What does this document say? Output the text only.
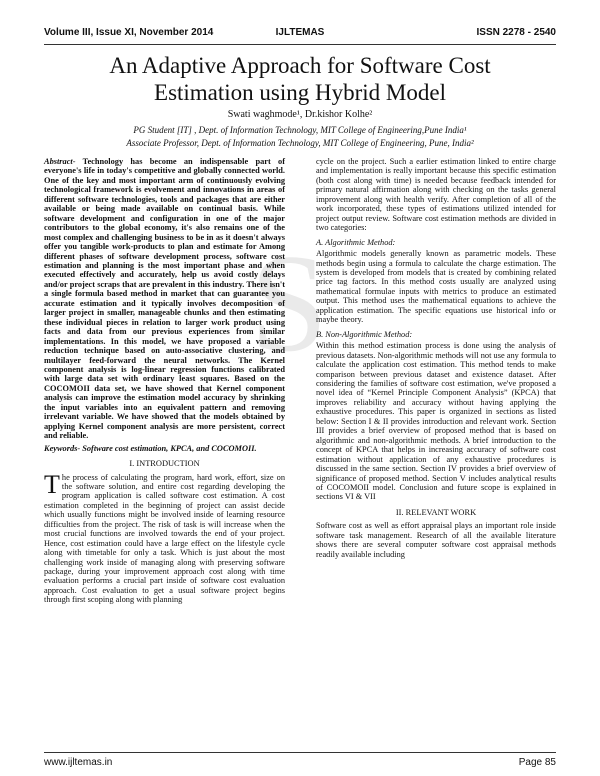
Volume III, Issue XI, November 2014	IJLTEMAS	ISSN 2278 - 2540
An Adaptive Approach for Software Cost
Estimation using Hybrid Model
Swati waghmode¹, Dr.kishor Kolhe²
PG Student [IT] , Dept. of Information Technology, MIT College of Engineering,Pune India¹
Associate Professor, Dept. of Information Technology, MIT College of Engineering, Pune, India²
S

Abstract- Technology has become an indispensable part of everyone's life in today's competitive and globally connected world. One of the key and most important arm of continuously evolving technological framework is evolvement and innovations in areas of different software technologies, tools and packages that are either available or being made available on continual basis. While software development and configuration in one of the major contributors to the global economy, it's also remains one of the most complex and challenging business to be in as it doesn't always offer you tangible work-products to plan and estimate for Among different phases of software development process, software cost estimation and planning is the most important phase and when executed effectively and accurately, help us avoid costly delays and/or project scraps that are prevalent in this industry. There isn't a single formula based method in market that can guarantee you accurate estimation and it typically involves decomposition of larger project in smaller, manageable chunks and then estimating these individual pieces in relation to larger work product using facts and data from our previous experiences from similar implementations. In this model, we have proposed a variable reduction technique based on auto-associative clustering, and multilayer feed-forward the neural networks. The Kernel component analysis is log-linear regression functions calibrated with large data set with ordinary least squares. Based on the COCOMOII data set, we have showed that Kernel component analysis can improve the estimation model accuracy by shrinking the input variables into an equivalent pattern and removing irrelevant variable. We have showed that the models obtained by applying Kernel component analysis are more persistent, correct and reliable.

Keywords- Software cost estimation, KPCA, and COCOMOII.

I. INTRODUCTION

The process of calculating the program, hard work, effort, size on the software solution, and entire cost regarding developing the program application is called software cost estimation. A cost estimation completed in the beginning of project can assist decide which usually functions might be involved inside of learning resource difficulties from the project. The risk of task is will increase when the most crucial functions are involved towards the end of your project. Hence, cost estimation could have a large effect on the lifestyle cycle along with timetable for only a task. Which is just about the most challenging work inside of managing along with preserving software package, during your improvement approach cost along with time evaluation performs a crucial part inside of software cost evaluation approach. Cost evaluation to get a usual software project begins through first scoping along with planning

cycle on the project. Such a earlier estimation linked to entire charge and implementation is really important because this specific estimation (both cost along with time) is needed because feedback intended for primary natural affirmation along with checking on the tasks general improvement along with health verify. After completion of all of the work incorporated, these types of estimations utilized intended for project output review. Software cost estimation methods are divided in two categories:

A. Algorithmic Method:

Algorithmic models generally known as parametric models. These methods begin using a formula to calculate the charge estimation. The system is developed from models that is created by combining related price tag factors. In this method costs usually are analyzed using mathematical formulae inputs with metrics to produce an estimated output. This method uses the mathematical equations to achieve the application estimation. The specific equations use historical info or maybe theory.

B. Non-Algorithmic Method:

Within this method estimation process is done using the analysis of previous datasets. Non-algorithmic methods will not use any formula to calculate the application cost estimation. This method tends to make comparison between previous dataset and existence dataset. After considering the families of software cost estimation, we've proposed a novel idea of “Kernel Principle Component Analysis” (KPCA) that improves reliability and accuracy without having applying the exhaustive procedures. This paper is organized in sections as listed below: Section I & II provides introduction and relevant work. Section III provides a brief overview of proposed method that is based on algorithmic and non-algorithmic methods. A brief introduction to the concept of KPCA that helps in increasing accuracy of software cost estimation without application of any exhaustive procedures is discussed in the same section. Section IV provides a brief overview of significance of proposed method. Section V includes analytical results of COCOMOII model. Conclusion and future scope is explained in sections VI & VII

II. RELEVANT WORK

Software cost as well as effort appraisal plays an important role inside software task management. Research of all the available literature shows there are several computer software cost appraisal methods readily available including

www.ijltemas.in	Page 85
